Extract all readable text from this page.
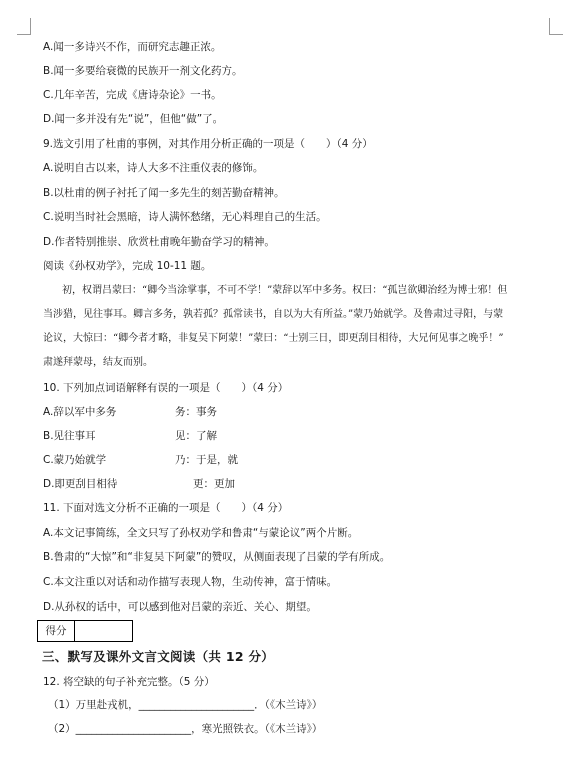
A.闻一多诗兴不作，而研究志趣正浓。
B.闻一多要给衰微的民族开一剂文化药方。
C.几年辛苦，完成《唐诗杂论》一书。
D.闻一多并没有先“说”，但他“做”了。
9.选文引用了杜甫的事例，对其作用分析正确的一项是（　　）（4 分）
A.说明自古以来，诗人大多不注重仪表的修饰。
B.以杜甫的例子衬托了闻一多先生的刻苦勤奋精神。
C.说明当时社会黑暗，诗人满怀愁绪，无心料理自己的生活。
D.作者特别推崇、欣赏杜甫晚年勤奋学习的精神。
阅读《孙权劝学》，完成 10-11 题。
初，权谓吕蒙曰：“卿今当涂掌事，不可不学！”蒙辞以军中多务。权曰：“孤岂欲卿治经为博士邪！但
当涉猎，见往事耳。卿言多务，孰若孤？孤常读书，自以为大有所益。”蒙乃始就学。及鲁肃过寻阳，与蒙
论议，大惊曰：“卿今者才略，非复吴下阿蒙！”蒙曰：“士别三日，即更刮目相待，大兄何见事之晚乎！”
肃遂拜蒙母，结友而别。
10. 下列加点词语解释有误的一项是（　　）（4 分）
A.辞以军中多务	务：事务
B.见往事耳	见：了解
C.蒙乃始就学	乃：于是，就
D.即更刮目相待	更：更加
11. 下面对选文分析不正确的一项是（　　）（4 分）
A.本文记事简练，全文只写了孙权劝学和鲁肃“与蒙论议”两个片断。
B.鲁肃的“大惊”和“非复吴下阿蒙”的赞叹，从侧面表现了吕蒙的学有所成。
C.本文注重以对话和动作描写表现人物，生动传神，富于情味。
D.从孙权的话中，可以感到他对吕蒙的亲近、关心、期望。
得分
三、默写及课外文言文阅读（共 12 分）
12. 将空缺的句子补充完整。（5 分）
（1）万里赴戎机，______________________．（《木兰诗》）
（2）______________________，寒光照铁衣。（《木兰诗》）
